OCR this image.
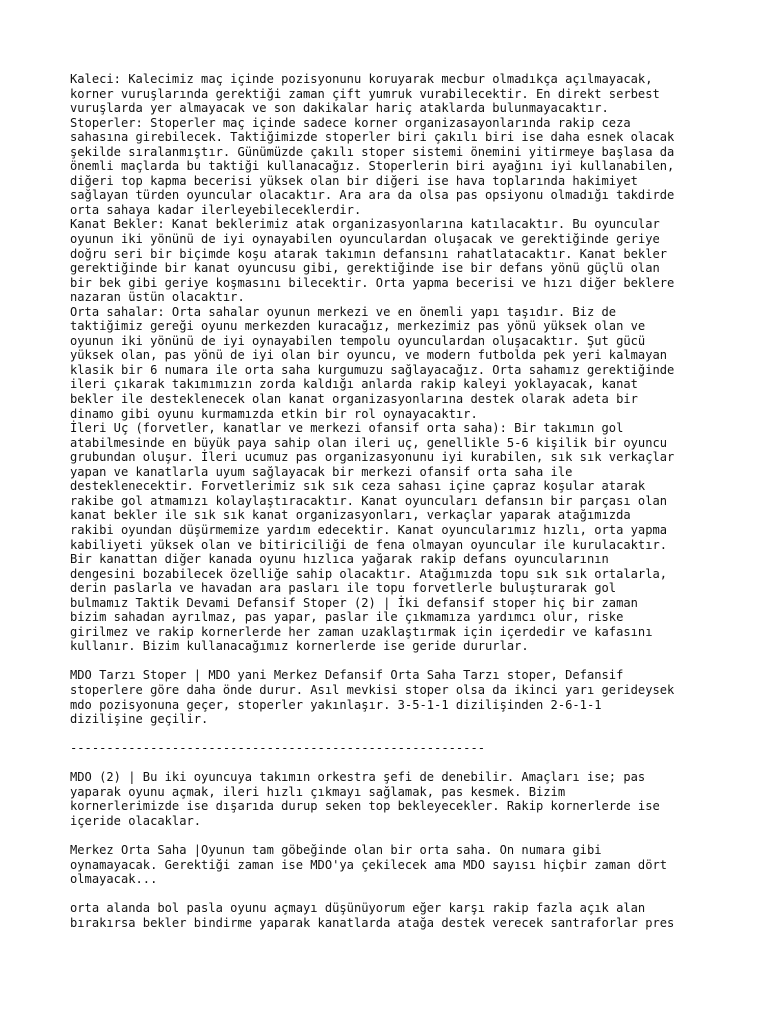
Kaleci: Kalecimiz maç içinde pozisyonunu koruyarak mecbur olmadıkça açılmayacak,
korner vuruşlarında gerektiği zaman çift yumruk vurabilecektir. En direkt serbest
vuruşlarda yer almayacak ve son dakikalar hariç ataklarda bulunmayacaktır.
Stoperler: Stoperler maç içinde sadece korner organizasayonlarında rakip ceza
sahasına girebilecek. Taktiğimizde stoperler biri çakılı biri ise daha esnek olacak
şekilde sıralanmıştır. Günümüzde çakılı stoper sistemi önemini yitirmeye başlasa da
önemli maçlarda bu taktiği kullanacağız. Stoperlerin biri ayağını iyi kullanabilen,
diğeri top kapma becerisi yüksek olan bir diğeri ise hava toplarında hakimiyet
sağlayan türden oyuncular olacaktır. Ara ara da olsa pas opsiyonu olmadığı takdirde
orta sahaya kadar ilerleyebileceklerdir.
Kanat Bekler: Kanat beklerimiz atak organizasyonlarına katılacaktır. Bu oyuncular
oyunun iki yönünü de iyi oynayabilen oyunculardan oluşacak ve gerektiğinde geriye
doğru seri bir biçimde koşu atarak takımın defansını rahatlatacaktır. Kanat bekler
gerektiğinde bir kanat oyuncusu gibi, gerektiğinde ise bir defans yönü güçlü olan
bir bek gibi geriye koşmasını bilecektir. Orta yapma becerisi ve hızı diğer beklere
nazaran üstün olacaktır.
Orta sahalar: Orta sahalar oyunun merkezi ve en önemli yapı taşıdır. Biz de
taktiğimiz gereği oyunu merkezden kuracağız, merkezimiz pas yönü yüksek olan ve
oyunun iki yönünü de iyi oynayabilen tempolu oyunculardan oluşacaktır. Şut gücü
yüksek olan, pas yönü de iyi olan bir oyuncu, ve modern futbolda pek yeri kalmayan
klasik bir 6 numara ile orta saha kurgumuzu sağlayacağız. Orta sahamız gerektiğinde
ileri çıkarak takımımızın zorda kaldığı anlarda rakip kaleyi yoklayacak, kanat
bekler ile desteklenecek olan kanat organizasyonlarına destek olarak adeta bir
dinamo gibi oyunu kurmamızda etkin bir rol oynayacaktır.
İleri Uç (forvetler, kanatlar ve merkezi ofansif orta saha): Bir takımın gol
atabilmesinde en büyük paya sahip olan ileri uç, genellikle 5-6 kişilik bir oyuncu
grubundan oluşur. İleri ucumuz pas organizasyonunu iyi kurabilen, sık sık verkaçlar
yapan ve kanatlarla uyum sağlayacak bir merkezi ofansif orta saha ile
desteklenecektir. Forvetlerimiz sık sık ceza sahası içine çapraz koşular atarak
rakibe gol atmamızı kolaylaştıracaktır. Kanat oyuncuları defansın bir parçası olan
kanat bekler ile sık sık kanat organizasyonları, verkaçlar yaparak atağımızda
rakibi oyundan düşürmemize yardım edecektir. Kanat oyuncularımız hızlı, orta yapma
kabiliyeti yüksek olan ve bitiriciliği de fena olmayan oyuncular ile kurulacaktır.
Bir kanattan diğer kanada oyunu hızlıca yağarak rakip defans oyuncularının
dengesini bozabilecek özelliğe sahip olacaktır. Atağımızda topu sık sık ortalarla,
derin paslarla ve havadan ara pasları ile topu forvetlerle buluşturarak gol
bulmamız Taktik Devami Defansif Stoper (2) | İki defansif stoper hiç bir zaman
bizim sahadan ayrılmaz, pas yapar, paslar ile çıkmamıza yardımcı olur, riske
girilmez ve rakip kornerlerde her zaman uzaklaştırmak için içerdedir ve kafasını
kullanır. Bizim kullanacağımız kornerlerde ise geride dururlar.
MDO Tarzı Stoper | MDO yani Merkez Defansif Orta Saha Tarzı stoper, Defansif
stoperlere göre daha önde durur. Asıl mevkisi stoper olsa da ikinci yarı gerideysek
mdo pozisyonuna geçer, stoperler yakınlaşır. 3-5-1-1 dizilişinden 2-6-1-1
dizilişine geçilir.
---------------------------------------------------------
MDO (2) | Bu iki oyuncuya takımın orkestra şefi de denebilir. Amaçları ise; pas
yaparak oyunu açmak, ileri hızlı çıkmayı sağlamak, pas kesmek. Bizim
kornerlerimizde ise dışarıda durup seken top bekleyecekler. Rakip kornerlerde ise
içeride olacaklar.
Merkez Orta Saha |Oyunun tam göbeğinde olan bir orta saha. On numara gibi
oynamayacak. Gerektiği zaman ise MDO'ya çekilecek ama MDO sayısı hiçbir zaman dört
olmayacak...
orta alanda bol pasla oyunu açmayı düşünüyorum eğer karşı rakip fazla açık alan
bırakırsa bekler bindirme yaparak kanatlarda atağa destek verecek santraforlar pres
